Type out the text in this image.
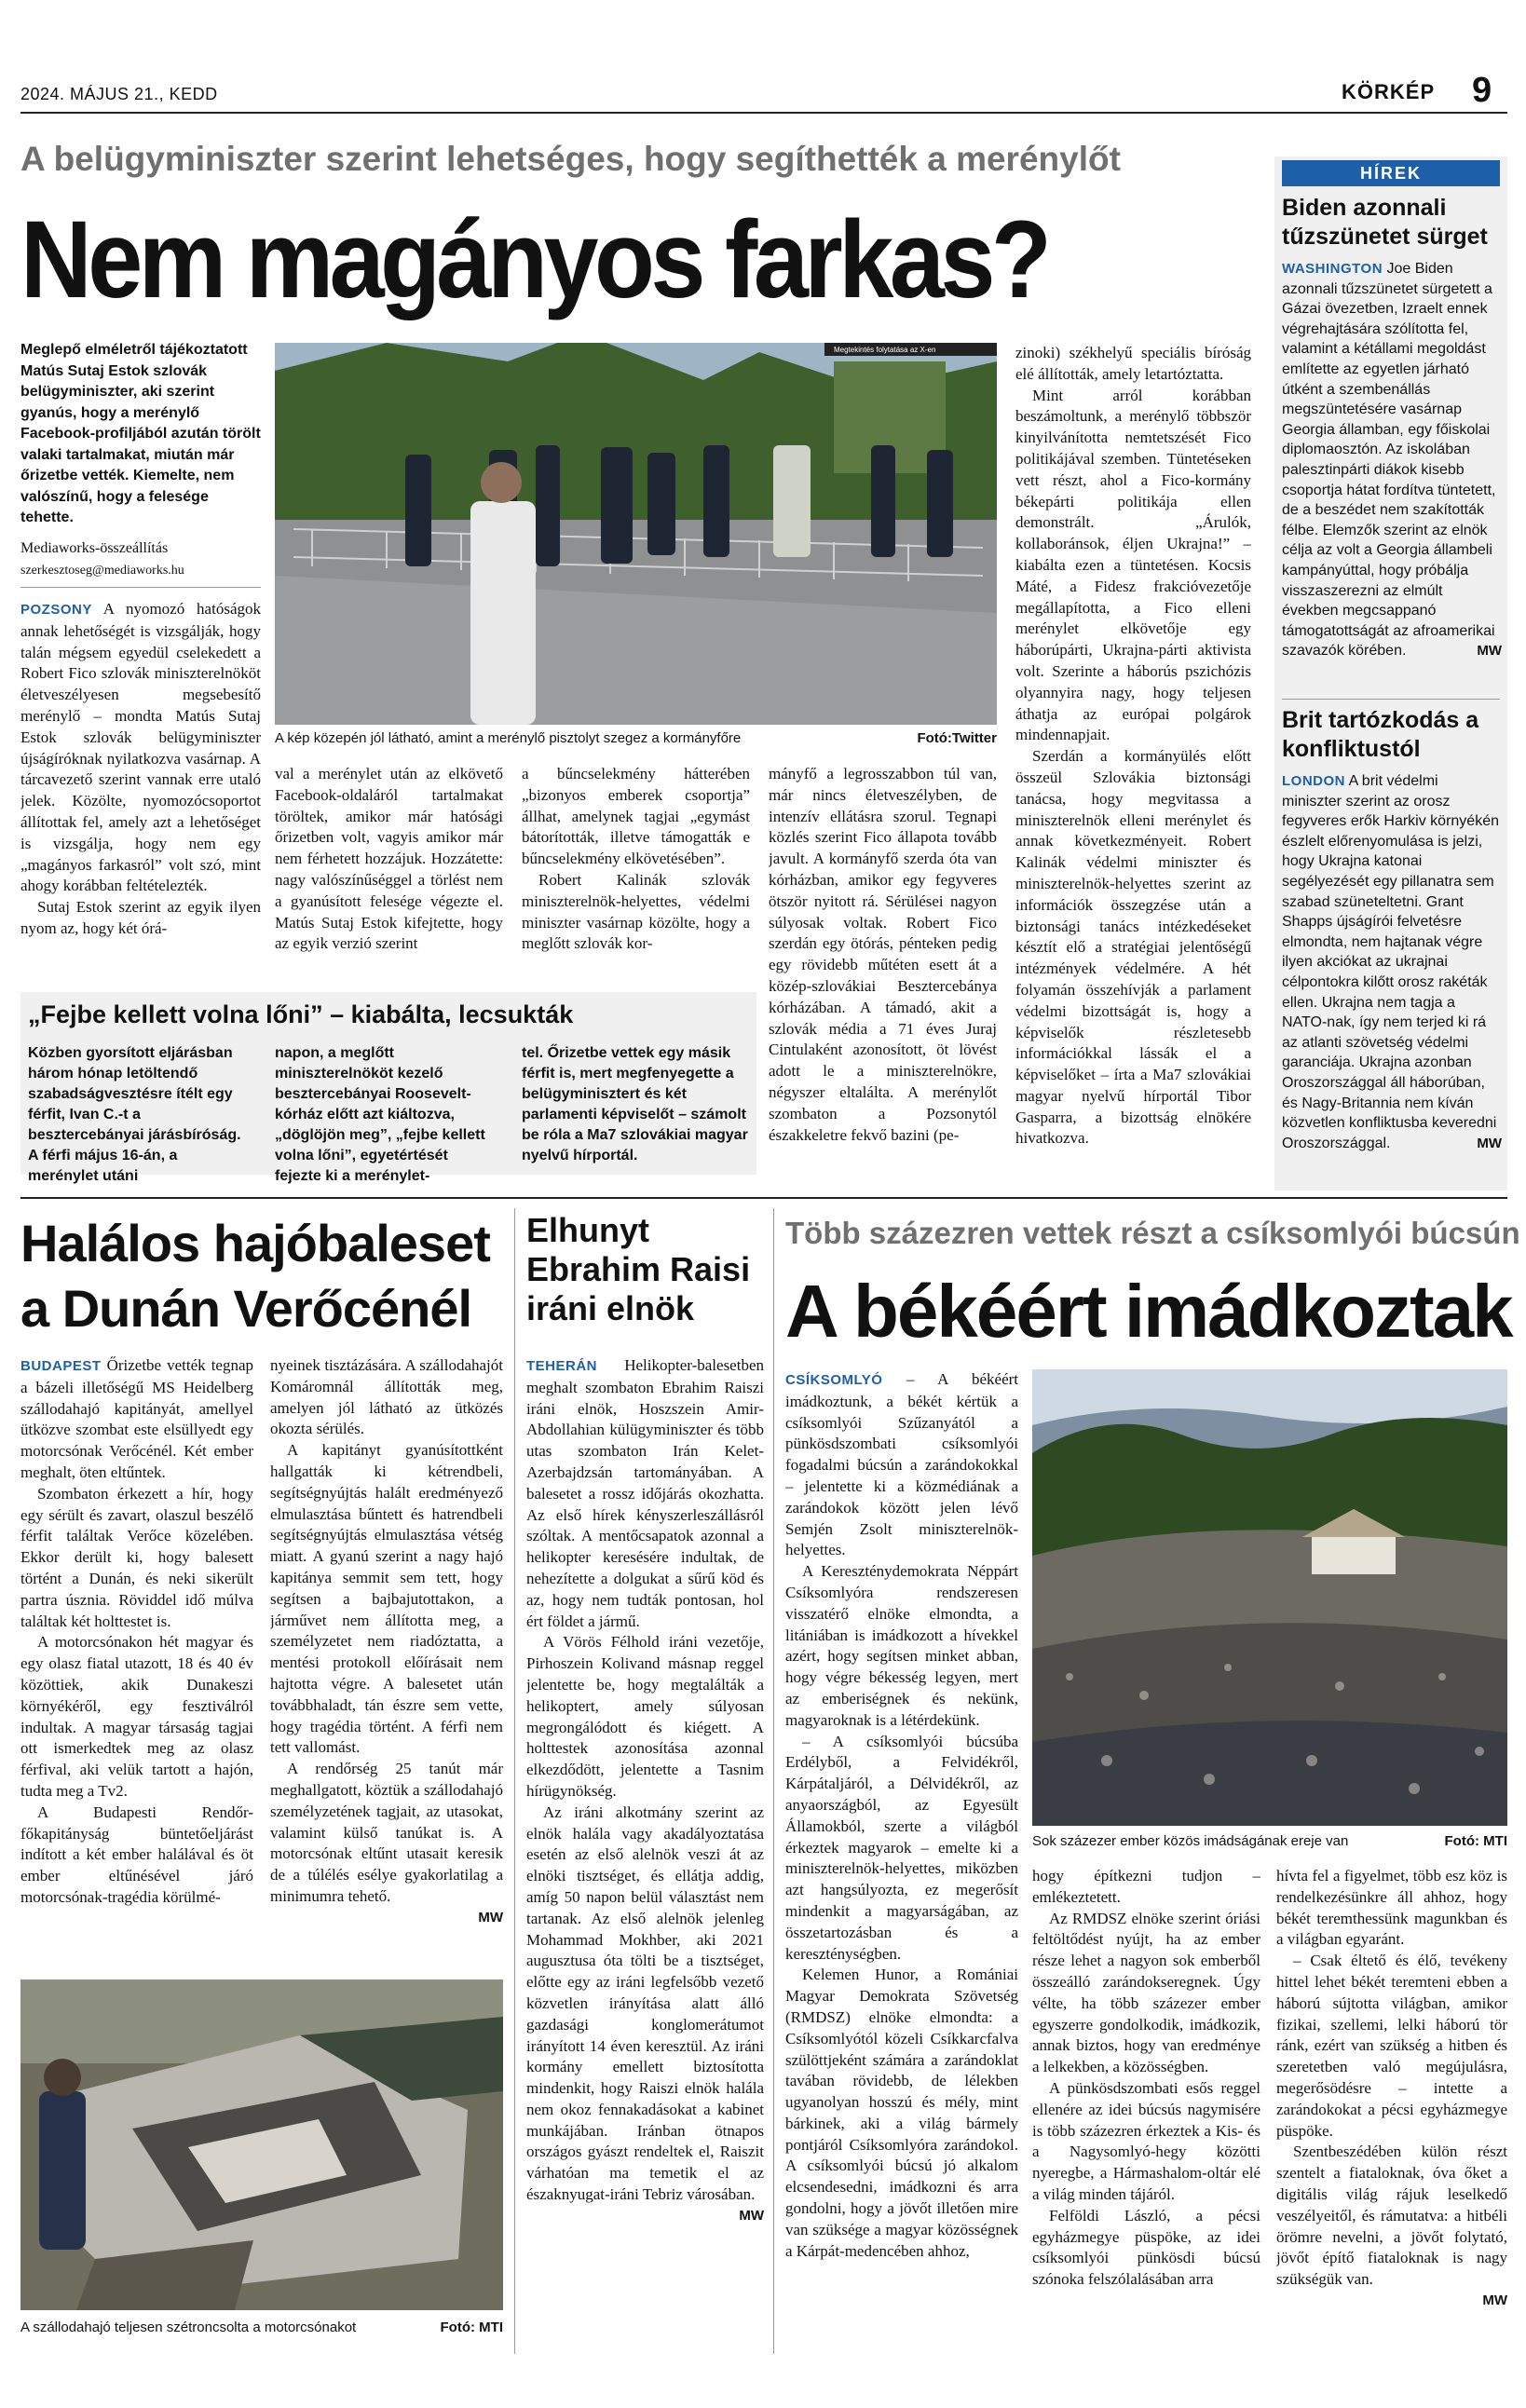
2024. MÁJUS 21., KEDD	KÖRKÉP 9
A belügyminiszter szerint lehetséges, hogy segíthették a merénylőt
Nem magányos farkas?
Meglepő elméletről tájékoztatott Matús Sutaj Estok szlovák belügyminiszter, aki szerint gyanús, hogy a merénylő Facebook-profiljából azután törölt valaki tartalmakat, miután már őrizetbe vették. Kiemelte, nem valószínű, hogy a felesége tehette.
Mediaworks-összeállítás
szerkesztoseg@mediaworks.hu
Megtekintés folytatása az X-en
A kép közepén jól látható, amint a merénylő pisztolyt szegez a kormányfőre	Fotó:Twitter

POZSONY A nyomozó hatóságok annak lehetőségét is vizsgálják, hogy talán mégsem egyedül cselekedett a Robert Fico szlovák miniszterelnököt életveszélyesen megsebesítő merénylő – mondta Matús Sutaj Estok szlovák belügyminiszter újságíróknak nyilatkozva vasárnap. A tárcavezető szerint vannak erre utaló jelek. Közölte, nyomozócsoportot állítottak fel, amely azt a lehetőséget is vizsgálja, hogy nem egy „magányos farkasról” volt szó, mint ahogy korábban feltételezték.

Sutaj Estok szerint az egyik ilyen nyom az, hogy két órá-

val a merénylet után az elkövető Facebook-oldaláról tartalmakat töröltek, amikor már hatósági őrizetben volt, vagyis amikor már nem férhetett hozzájuk. Hozzátette: nagy valószínűséggel a törlést nem a gyanúsított felesége végezte el. Matús Sutaj Estok kifejtette, hogy az egyik verzió szerint

a bűncselekmény hátterében „bizonyos emberek csoportja” állhat, amelynek tagjai „egymást bátorították, illetve támogatták e bűncselekmény elkövetésében”.

Robert Kalinák szlovák miniszterelnök-helyettes, védelmi miniszter vasárnap közölte, hogy a meglőtt szlovák kor-

mányfő a legrosszabbon túl van, már nincs életveszélyben, de intenzív ellátásra szorul. Tegnapi közlés szerint Fico állapota tovább javult. A kormányfő szerda óta van kórházban, amikor egy fegyveres ötször nyitott rá. Sérülései nagyon súlyosak voltak. Robert Fico szerdán egy ötórás, pénteken pedig egy rövidebb műtéten esett át a közép-szlovákiai Besztercebánya kórházában. A támadó, akit a szlovák média a 71 éves Juraj Cintulaként azonosított, öt lövést adott le a miniszterelnökre, négyszer eltalálta. A merénylőt szombaton a Pozsonytól északkeletre fekvő bazini (pe-

zinoki) székhelyű speciális bíróság elé állították, amely letartóztatta.

Mint arról korábban beszámoltunk, a merénylő többször kinyilvánította nemtetszését Fico politikájával szemben. Tüntetéseken vett részt, ahol a Fico-kormány békepárti politikája ellen demonstrált. „Árulók, kollaboránsok, éljen Ukrajna!” – kiabálta ezen a tüntetésen. Kocsis Máté, a Fidesz frakcióvezetője megállapította, a Fico elleni merénylet elkövetője egy háborúpárti, Ukrajna-párti aktivista volt. Szerinte a háborús pszichózis olyannyira nagy, hogy teljesen áthatja az európai polgárok mindennapjait.

Szerdán a kormányülés előtt összeül Szlovákia biztonsági tanácsa, hogy megvitassa a miniszterelnök elleni merénylet és annak következményeit. Robert Kalinák védelmi miniszter és miniszterelnök-helyettes szerint az információk összegzése után a biztonsági tanács intézkedéseket késztít elő a stratégiai jelentőségű intézmények védelmére. A hét folyamán összehívják a parlament védelmi bizottságát is, hogy a képviselők részletesebb információkkal lássák el a képviselőket – írta a Ma7 szlovákiai magyar nyelvű hírportál Tibor Gasparra, a bizottság elnökére hivatkozva.

„Fejbe kellett volna lőni” – kiabálta, lecsukták
Közben gyorsított eljárásban három hónap letöltendő szabadságvesztésre ítélt egy férfit, Ivan C.-t a besztercebányai járásbíróság. A férfi május 16-án, a merénylet utáni
napon, a meglőtt miniszterelnököt kezelő besztercebányai Roosevelt-kórház előtt azt kiáltozva, „döglöjön meg”, „fejbe kellett volna lőni”, egyetértését fejezte ki a merénylet-
tel. Őrizetbe vettek egy másik férfit is, mert megfenyegette a belügyminisztert és két parlamenti képviselőt – számolt be róla a Ma7 szlovákiai magyar nyelvű hírportál.
HÍREK
Biden azonnali tűzszünetet sürget
WASHINGTON Joe Biden azonnali tűzszünetet sürgetett a Gázai övezetben, Izraelt ennek végrehajtására szólította fel, valamint a kétállami megoldást említette az egyetlen járható útként a szembenállás megszüntetésére vasárnap Georgia államban, egy főiskolai diplomaosztón. Az iskolában palesztinpárti diákok kisebb csoportja hátat fordítva tüntetett, de a beszédet nem szakították félbe. Elemzők szerint az elnök célja az volt a Georgia állambeli kampányúttal, hogy próbálja visszaszerezni az elmúlt években megcsappanó támogatottságát az afroamerikai szavazók körében.	MW
Brit tartózkodás a konfliktustól
LONDON A brit védelmi miniszter szerint az orosz fegyveres erők Harkiv környékén észlelt előrenyomulása is jelzi, hogy Ukrajna katonai segélyezését egy pillanatra sem szabad szüneteltetni. Grant Shapps újságírói felvetésre elmondta, nem hajtanak végre ilyen akciókat az ukrajnai célpontokra kilőtt orosz rakéták ellen. Ukrajna nem tagja a NATO-nak, így nem terjed ki rá az atlanti szövetség védelmi garanciája. Ukrajna azonban Oroszországgal áll háborúban, és Nagy-Britannia nem kíván közvetlen konfliktusba keveredni Oroszországgal.	MW
Halálos hajóbaleset a Dunán Verőcénél

BUDAPEST Őrizetbe vették tegnap a bázeli illetőségű MS Heidelberg szállodahajó kapitányát, amellyel ütközve szombat este elsüllyedt egy motorcsónak Verőcénél. Két ember meghalt, öten eltűntek.

Szombaton érkezett a hír, hogy egy sérült és zavart, olaszul beszélő férfit találtak Verőce közelében. Ekkor derült ki, hogy balesett történt a Dunán, és neki sikerült partra úsznia. Röviddel idő múlva találtak két holttestet is.

A motorcsónakon hét magyar és egy olasz fiatal utazott, 18 és 40 év közöttiek, akik Dunakeszi környékéről, egy fesztiválról indultak. A magyar társaság tagjai ott ismerkedtek meg az olasz férfival, aki velük tartott a hajón, tudta meg a Tv2.

A Budapesti Rendőr-főkapitányság büntetőeljárást indított a két ember halálával és öt ember eltűnésével járó motorcsónak-tragédia körülmé-

nyeinek tisztázására. A szállodahajót Komáromnál állították meg, amelyen jól látható az ütközés okozta sérülés.

A kapitányt gyanúsítottként hallgatták ki kétrendbeli, segítségnyújtás halált eredményező elmulasztása bűntett és hatrendbeli segítségnyújtás elmulasztása vétség miatt. A gyanú szerint a nagy hajó kapitánya semmit sem tett, hogy segítsen a bajbajutottakon, a járművet nem állította meg, a személyzetet nem riadóztatta, a mentési protokoll előírásait nem hajtotta végre. A balesetet után továbbhaladt, tán észre sem vette, hogy tragédia történt. A férfi nem tett vallomást.

A rendőrség 25 tanút már meghallgatott, köztük a szállodahajó személyzetének tagjait, az utasokat, valamint külső tanúkat is. A motorcsónak eltűnt utasait keresik de a túlélés esélye gyakorlatilag a minimumra tehető.

MW

A szállodahajó teljesen szétroncsolta a motorcsónakot	Fotó: MTI
Elhunyt Ebrahim Raisi iráni elnök

TEHERÁN Helikopter-balesetben meghalt szombaton Ebrahim Raiszi iráni elnök, Hoszszein Amir-Abdollahian külügyminiszter és több utas szombaton Irán Kelet-Azerbajdzsán tartományában. A balesetet a rossz időjárás okozhatta. Az első hírek kényszerleszállásról szóltak. A mentőcsapatok azonnal a helikopter keresésére indultak, de nehezítette a dolgukat a sűrű köd és az, hogy nem tudták pontosan, hol ért földet a jármű.

A Vörös Félhold iráni vezetője, Pirhoszein Kolivand másnap reggel jelentette be, hogy megtalálták a helikoptert, amely súlyosan megrongálódott és kiégett. A holttestek azonosítása azonnal elkezdődött, jelentette a Tasnim hírügynökség.

Az iráni alkotmány szerint az elnök halála vagy akadályoztatása esetén az első alelnök veszi át az elnöki tisztséget, és ellátja addig, amíg 50 napon belül választást nem tartanak. Az első alelnök jelenleg Mohammad Mokhber, aki 2021 augusztusa óta tölti be a tisztséget, előtte egy az iráni legfelsőbb vezető közvetlen irányítása alatt álló gazdasági konglomerátumot irányított 14 éven keresztül. Az iráni kormány emellett biztosította mindenkit, hogy Raiszi elnök halála nem okoz fennakadásokat a kabinet munkájában. Iránban ötnapos országos gyászt rendeltek el, Raiszit várhatóan ma temetik el az északnyugat-iráni Tebriz városában.

MW

Több százezren vettek részt a csíksomlyói búcsún
A békéért imádkoztak

CSÍKSOMLYÓ – A békéért imádkoztunk, a békét kértük a csíksomlyói Szűzanyától a pünkösdszombati csíksomlyói fogadalmi búcsún a zarándokokkal – jelentette ki a közmédiának a zarándokok között jelen lévő Semjén Zsolt miniszterelnök-helyettes.

A Kereszténydemokrata Néppárt Csíksomlyóra rendszeresen visszatérő elnöke elmondta, a litániában is imádkozott a hívekkel azért, hogy segítsen minket abban, hogy végre békesség legyen, mert az emberiségnek és nekünk, magyaroknak is a létérdekünk.

– A csíksomlyói búcsúba Erdélyből, a Felvidékről, Kárpátaljáról, a Délvidékről, az anyaországból, az Egyesült Államokból, szerte a világból érkeztek magyarok – emelte ki a miniszterelnök-helyettes, miközben azt hangsúlyozta, ez megerősít mindenkit a magyarságában, az összetartozásban és a kereszténységben.

Kelemen Hunor, a Romániai Magyar Demokrata Szövetség (RMDSZ) elnöke elmondta: a Csíksomlyótól közeli Csíkkarcfalva szülöttjeként számára a zarándoklat tavában rövidebb, de lélekben ugyanolyan hosszú és mély, mint bárkinek, aki a világ bármely pontjáról Csíksomlyóra zarándokol. A csíksomlyói búcsú jó alkalom elcsendesedni, imádkozni és arra gondolni, hogy a jövőt illetően mire van szüksége a magyar közösségnek a Kárpát-medencében ahhoz,

Sok százezer ember közös imádságának ereje van	Fotó: MTI

hogy építkezni tudjon – emlékeztetett.

Az RMDSZ elnöke szerint óriási feltöltődést nyújt, ha az ember része lehet a nagyon sok emberből összeálló zarándokseregnek. Úgy vélte, ha több százezer ember egyszerre gondolkodik, imádkozik, annak biztos, hogy van eredménye a lelkekben, a közösségben.

A pünkösdszombati esős reggel ellenére az idei búcsús nagymisére is több százezren érkeztek a Kis- és a Nagysomlyó-hegy közötti nyeregbe, a Hármashalom-oltár elé a világ minden tájáról.

Felföldi László, a pécsi egyházmegye püspöke, az idei csíksomlyói pünkösdi búcsú szónoka felszólalásában arra

hívta fel a figyelmet, több esz köz is rendelkezésünkre áll ahhoz, hogy békét teremthessünk magunkban és a világban egyaránt.

– Csak éltető és élő, tevékeny hittel lehet békét teremteni ebben a háború sújtotta világban, amikor fizikai, szellemi, lelki háború tör ránk, ezért van szükség a hitben és szeretetben való megújulásra, megerősödésre – intette a zarándokokat a pécsi egyházmegye püspöke.

Szentbeszédében külön részt szentelt a fiataloknak, óva őket a digitális világ rájuk leselkedő veszélyeitől, és rámutatva: a hitbéli örömre nevelni, a jövőt folytató, jövőt építő fiataloknak is nagy szükségük van.

MW
